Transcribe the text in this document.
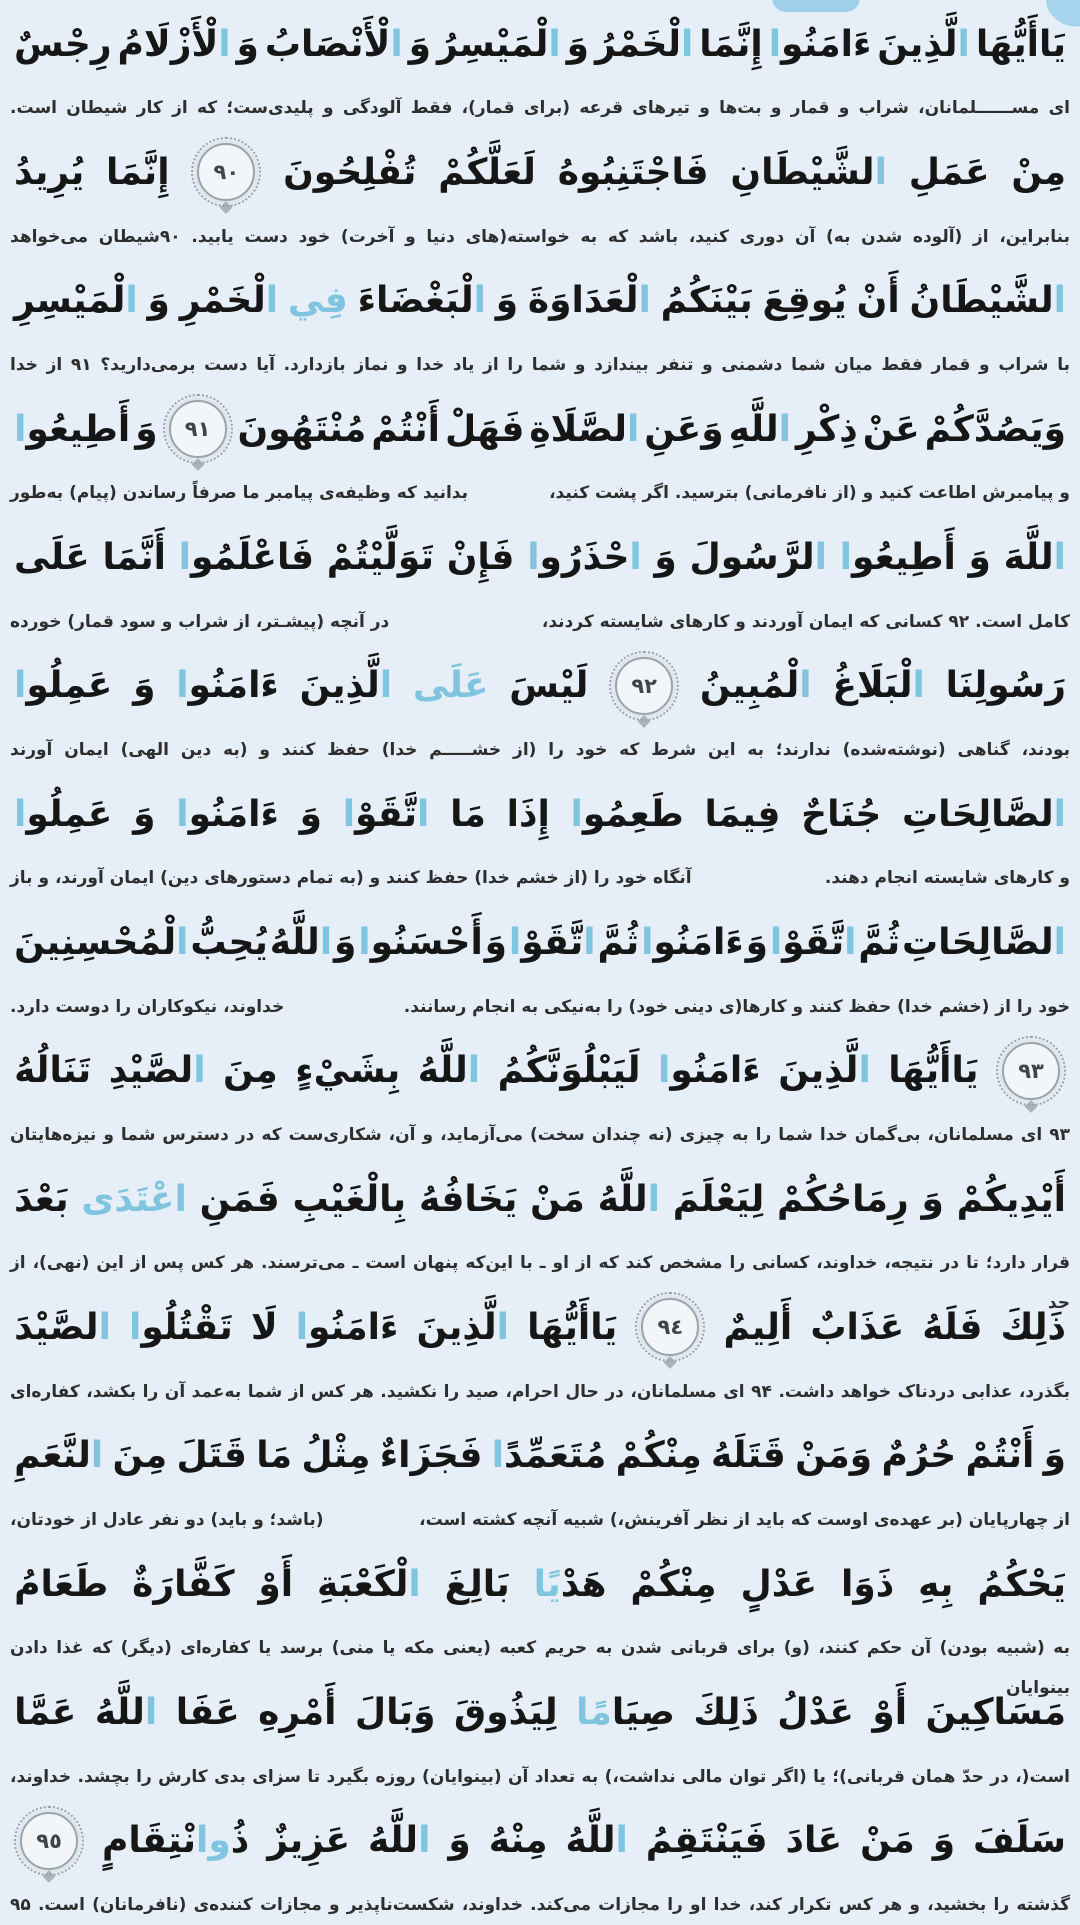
يَاأَيُّهَا
الَّذِينَ
ءَامَنُوا
إِنَّمَا
الْخَمْرُ
وَ
الْمَيْسِرُ
وَ
الْأَنْصَابُ
وَ
الْأَزْلَامُ
رِجْسٌ
ای مســــــلمانان، شراب و قمار و بت‌ها و تیرهای قرعه (برای قمار)، فقط آلودگی و پلیدی‌ست؛ که از کار شیطان است.
مِنْ
عَمَلِ
الشَّيْطَانِ
فَاجْتَنِبُوهُ
لَعَلَّكُمْ
تُفْلِحُونَ
٩٠
إِنَّمَا
يُرِيدُ
بنابراین، از (آلوده شدن به) آن دوری کنید، باشد که به خواسته(های دنیا و آخرت) خود دست یابید. ۹۰شیطان می‌خواهد
الشَّيْطَانُ
أَنْ
يُوقِعَ
بَيْنَكُمُ
الْعَدَاوَةَ
وَ
الْبَغْضَاءَ
فِي
الْخَمْرِ
وَ
الْمَيْسِرِ
با شراب و قمار فقط میان شما دشمنی و تنفر بیندازد و شما را از یاد خدا و نماز بازدارد. آیا دست برمی‌دارید؟ ۹۱ از خدا
وَيَصُدَّكُمْ
عَنْ
ذِكْرِ
اللَّهِ
وَعَنِ
الصَّلَاةِ
فَهَلْ
أَنْتُمْ
مُنْتَهُونَ
٩١
وَ
أَطِيعُوا
و پیامبرش اطاعت کنید و (از نافرمانی) بترسید. اگر پشت کنید،
بدانید که وظیفه‌ی پیامبر ما صرفاً رساندن (پیام) به‌طور
اللَّهَ
وَ
أَطِيعُوا
الرَّسُولَ
وَ
احْذَرُوا
فَإِنْ
تَوَلَّيْتُمْ
فَاعْلَمُوا
أَنَّمَا
عَلَى
کامل است. ۹۲ کسانی که ایمان آوردند و کارهای شایسته کردند،
در آنچه (پیشـتر، از شراب و سود قمار) خورده
رَسُولِنَا
الْبَلَاغُ
الْمُبِينُ
٩٢
لَيْسَ
عَلَى
الَّذِينَ
ءَامَنُوا
وَ
عَمِلُوا
بودند، گناهی (نوشته‌شده) ندارند؛ به این شرط که خود را (از خشـــــم خدا) حفظ کنند و (به دین الهی) ایمان آورند
الصَّالِحَاتِ
جُنَاحٌ
فِيمَا
طَعِمُوا
إِذَا
مَا
اتَّقَوْا
وَ
ءَامَنُوا
وَ
عَمِلُوا
و کارهای شایسته انجام دهند.
آنگاه خود را (از خشم خدا) حفظ کنند و (به تمام دستورهای دین) ایمان آورند، و باز
الصَّالِحَاتِ
ثُمَّ
اتَّقَوْا
وَ
ءَامَنُوا
ثُمَّ
اتَّقَوْا
وَ
أَحْسَنُوا
وَ
اللَّهُ
يُحِبُّ
الْمُحْسِنِينَ
خود را از (خشم خدا) حفظ کنند و کارها(ی دینی خود) را به‌نیکی به انجام رسانند.
خداوند، نیکوکاران را دوست دارد.
٩٣
يَاأَيُّهَا
الَّذِينَ
ءَامَنُوا
لَيَبْلُوَنَّكُمُ
اللَّهُ
بِشَيْءٍ
مِنَ
الصَّيْدِ
تَنَالُهُ
۹۳ ای مسلمانان، بی‌گمان خدا شما را به چیزی (نه چندان سخت) می‌آزماید، و آن، شکاری‌ست که در دسترس شما و نیزه‌هایتان
أَيْدِيكُمْ
وَ
رِمَاحُكُمْ
لِيَعْلَمَ
اللَّهُ
مَنْ
يَخَافُهُ
بِالْغَيْبِ
فَمَنِ
اعْتَدَى
بَعْدَ
قرار دارد؛ تا در نتیجه، خداوند، کسانی را مشخص کند که از او ـ با این‌که پنهان است ـ می‌ترسند. هر کس پس از این (نهی)، از حد
ذَلِكَ
فَلَهُ
عَذَابٌ
أَلِيمٌ
٩٤
يَاأَيُّهَا
الَّذِينَ
ءَامَنُوا
لَا
تَقْتُلُوا
الصَّيْدَ
بگذرد، عذابی دردناک خواهد داشت. ۹۴ ای مسلمانان، در حال احرام، صید را نکشید. هر کس از شما به‌عمد آن را بکشد، کفاره‌ای
وَ
أَنْتُمْ
حُرُمٌ
وَمَنْ
قَتَلَهُ
مِنْكُمْ
مُتَعَمِّدًا
فَجَزَاءٌ
مِثْلُ
مَا
قَتَلَ
مِنَ
النَّعَمِ
از چهارپایان (بر عهده‌ی اوست که باید از نظر آفرینش،) شبیه آنچه کشته است،
(باشد؛ و باید) دو نفر عادل از خودتان،
يَحْكُمُ
بِهِ
ذَوَا
عَدْلٍ
مِنْكُمْ
هَدْيًا
بَالِغَ
الْكَعْبَةِ
أَوْ
كَفَّارَةٌ
طَعَامُ
به (شبیه بودن) آن حکم کنند، (و) برای قربانی شدن به حریم کعبه (یعنی مکه یا منی) برسد یا کفاره‌ای (دیگر) که غذا دادن بینوایان
مَسَاكِينَ
أَوْ
عَدْلُ
ذَلِكَ
صِيَامًا
لِيَذُوقَ
وَبَالَ
أَمْرِهِ
عَفَا
اللَّهُ
عَمَّا
است(، در حدّ همان قربانی)؛ یا (اگر توان مالی نداشت،) به تعداد آن (بینوایان) روزه بگیرد تا سزای بدی کارش را بچشد. خداوند،
سَلَفَ
وَ
مَنْ
عَادَ
فَيَنْتَقِمُ
اللَّهُ
مِنْهُ
وَ
اللَّهُ
عَزِيزٌ
ذُوانْتِقَامٍ
٩٥
گذشته را بخشید، و هر کس تکرار کند، خدا او را مجازات می‌کند. خداوند، شکست‌ناپذیر و مجازات کننده‌ی (نافرمانان) است. ۹۵
